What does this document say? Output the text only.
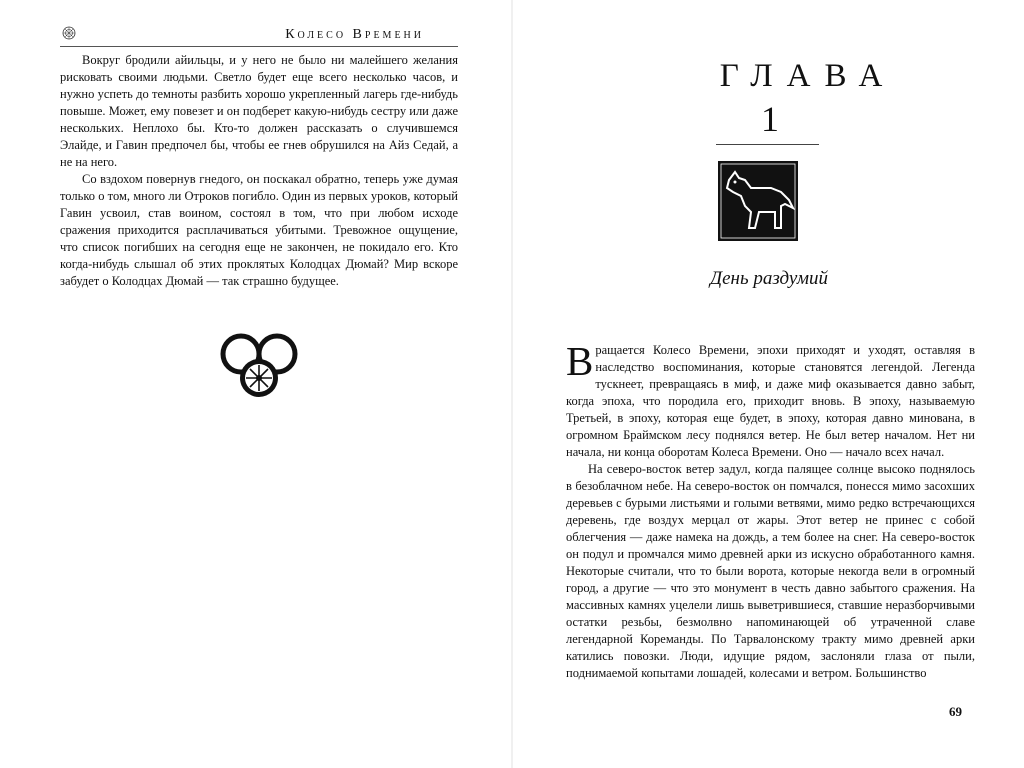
Колесо Времени

Вокруг бродили айильцы, и у него не было ни малейшего желания рисковать своими людьми. Светло будет еще всего несколько часов, и нужно успеть до темноты разбить хорошо укрепленный лагерь где-нибудь повыше. Может, ему повезет и он подберет какую-нибудь сестру или даже нескольких. Неплохо бы. Кто-то должен рассказать о случившемся Элайде, и Гавин предпочел бы, чтобы ее гнев обрушился на Айз Седай, а не на него.

Со вздохом повернув гнедого, он поскакал обратно, теперь уже думая только о том, много ли Отроков погибло. Один из первых уроков, который Гавин усвоил, став воином, состоял в том, что при любом исходе сражения приходится расплачиваться убитыми. Тревожное ощущение, что список погибших на сегодня еще не закончен, не покидало его. Кто когда-нибудь слышал об этих проклятых Колодцах Дюмай? Мир вскоре забудет о Колодцах Дюмай — так страшно будущее.

ГЛАВА
1
День раздумий

Вращается Колесо Времени, эпохи приходят и уходят, оставляя в наследство воспоминания, которые становятся легендой. Легенда тускнеет, превращаясь в миф, и даже миф оказывается давно забыт, когда эпоха, что породила его, приходит вновь. В эпоху, называемую Третьей, в эпоху, которая еще будет, в эпоху, которая давно минована, в огромном Браймском лесу поднялся ветер. Не был ветер началом. Нет ни начала, ни конца оборотам Колеса Времени. Оно — начало всех начал.

На северо-восток ветер задул, когда палящее солнце высоко поднялось в безоблачном небе. На северо-восток он помчался, понесся мимо засохших деревьев с бурыми листьями и голыми ветвями, мимо редко встречающихся деревень, где воздух мерцал от жары. Этот ветер не принес с собой облегчения — даже намека на дождь, а тем более на снег. На северо-восток он подул и промчался мимо древней арки из искусно обработанного камня. Некоторые считали, что то были ворота, которые некогда вели в огромный город, а другие — что это монумент в честь давно забытого сражения. На массивных камнях уцелели лишь выветрившиеся, ставшие неразборчивыми остатки резьбы, безмолвно напоминающей об утраченной славе легендарной Кореманды. По Тарвалонскому тракту мимо древней арки катились повозки. Люди, идущие рядом, заслоняли глаза от пыли, поднимаемой копытами лошадей, колесами и ветром. Большинство

69
